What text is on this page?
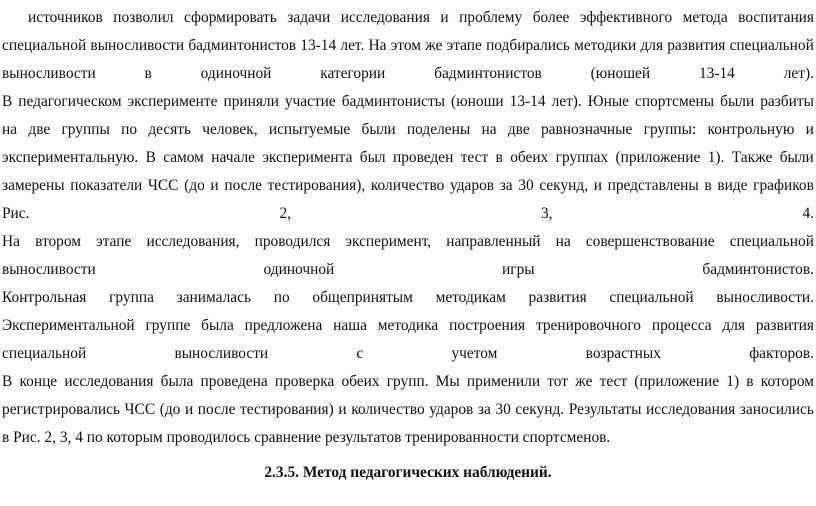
источников позволил сформировать задачи исследования и проблему более эффективного метода воспитания
специальной выносливости бадминтонистов 13-14 лет. На этом же этапе подбирались методики для развития специальной
выносливости	в	одиночной	категории	бадминтонистов	(юношей	13-14	лет).
В педагогическом эксперименте приняли участие бадминтонисты (юноши 13-14 лет). Юные спортсмены были разбиты
на две группы по десять человек, испытуемые были поделены на две равнозначные группы: контрольную и
экспериментальную. В самом начале эксперимента был проведен тест в обеих группах (приложение 1). Также были
замерены показатели ЧСС (до и после тестирования), количество ударов за 30 секунд, и представлены в виде графиков
Рис.	2,	3,	4.
На втором этапе исследования, проводился эксперимент, направленный на совершенствование специальной
выносливости	одиночной	игры	бадминтонистов.
Контрольная группа занималась по общепринятым методикам развития специальной выносливости.
Экспериментальной группе была предложена наша методика построения тренировочного процесса для развития
специальной	выносливости	с	учетом	возрастных	факторов.
В конце исследования была проведена проверка обеих групп. Мы применили тот же тест (приложение 1) в котором
регистрировались ЧСС (до и после тестирования) и количество ударов за 30 секунд. Результаты исследования заносились
в Рис. 2, 3, 4 по которым проводилось сравнение результатов тренированности спортсменов.
2.3.5. Метод педагогических наблюдений.
